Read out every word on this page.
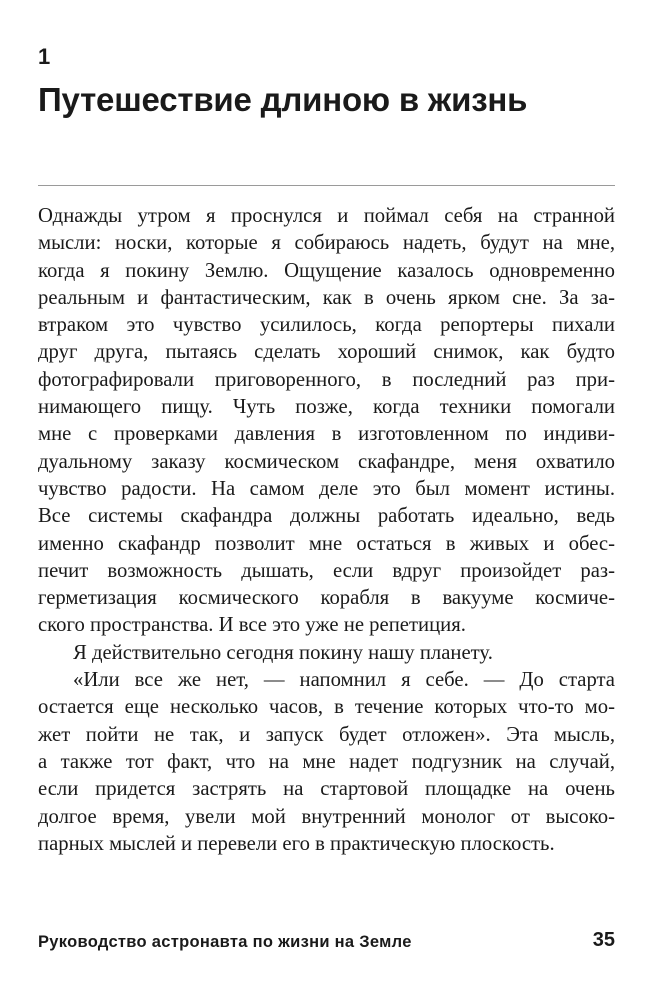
1
Путешествие длиною в жизнь
Однажды утром я проснулся и поймал себя на странной
мысли: носки, которые я собираюсь надеть, будут на мне,
когда я покину Землю. Ощущение казалось одновременно
реальным и фантастическим, как в очень ярком сне. За за-
втраком это чувство усилилось, когда репортеры пихали
друг друга, пытаясь сделать хороший снимок, как будто
фотографировали приговоренного, в последний раз при-
нимающего пищу. Чуть позже, когда техники помогали
мне с проверками давления в изготовленном по индиви-
дуальному заказу космическом скафандре, меня охватило
чувство радости. На самом деле это был момент истины.
Все системы скафандра должны работать идеально, ведь
именно скафандр позволит мне остаться в живых и обес-
печит возможность дышать, если вдруг произойдет раз-
герметизация космического корабля в вакууме космиче-
ского пространства. И все это уже не репетиция.
Я действительно сегодня покину нашу планету.
«Или все же нет, — напомнил я себе. — До старта
остается еще несколько часов, в течение которых что-то мо-
жет пойти не так, и запуск будет отложен». Эта мысль,
а также тот факт, что на мне надет подгузник на случай,
если придется застрять на стартовой площадке на очень
долгое время, увели мой внутренний монолог от высоко-
парных мыслей и перевели его в практическую плоскость.
Руководство астронавта по жизни на Земле	35
